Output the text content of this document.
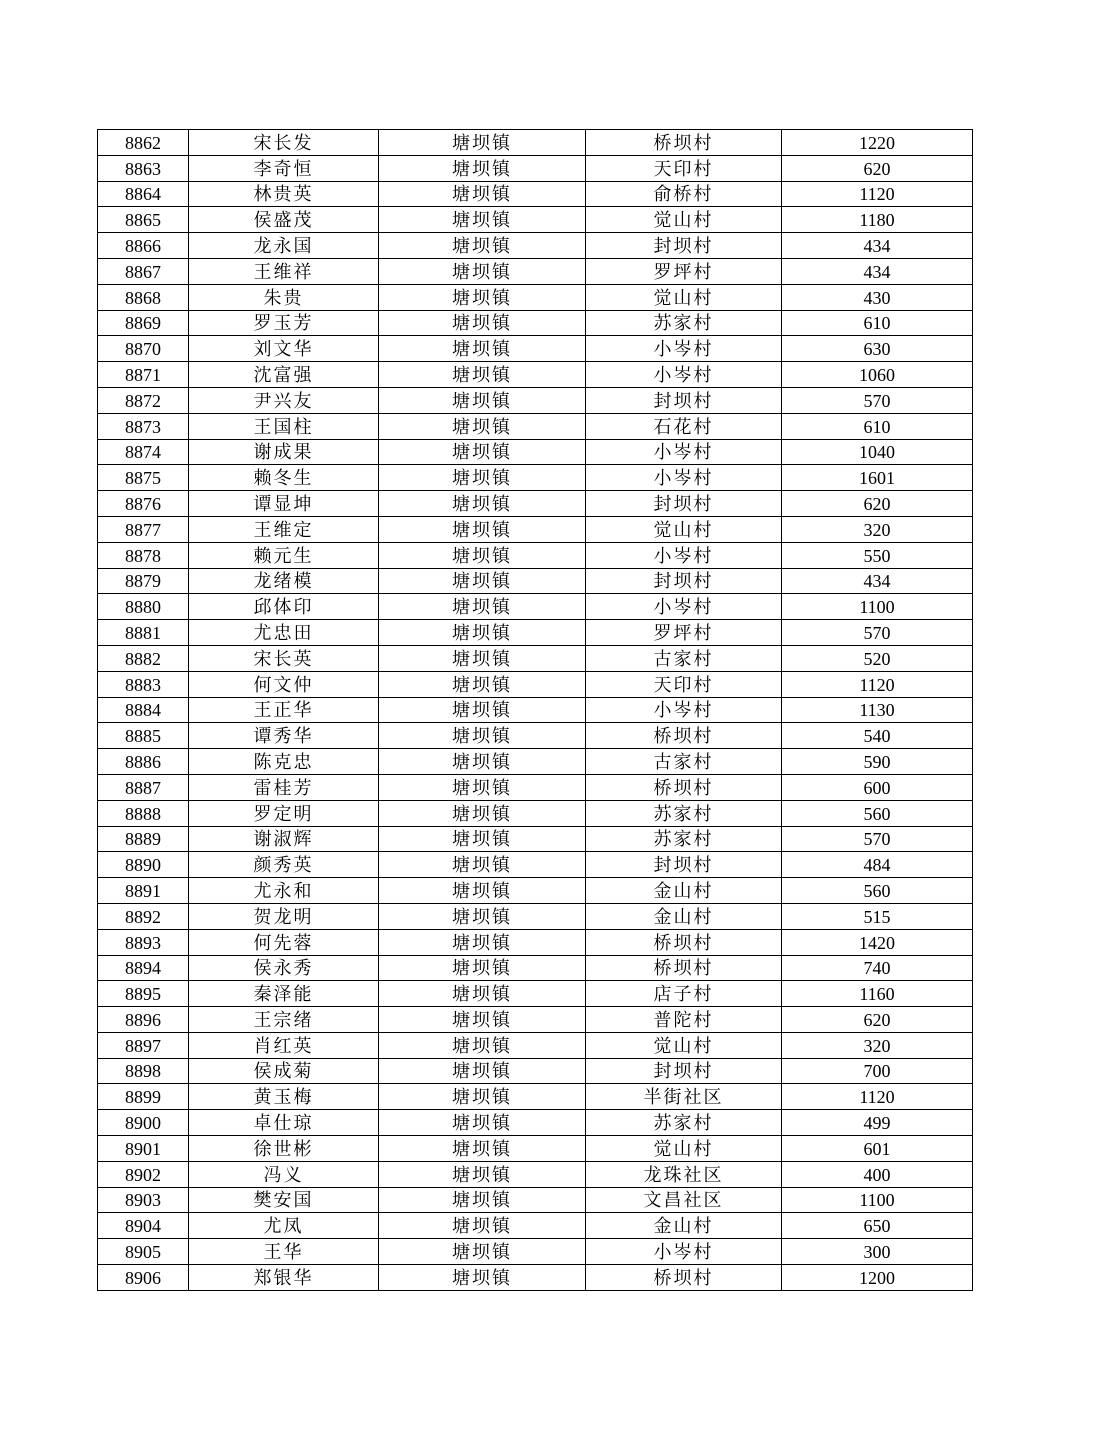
8862	宋长发	塘坝镇	桥坝村	1220
8863	李奇恒	塘坝镇	天印村	620
8864	林贵英	塘坝镇	俞桥村	1120
8865	侯盛茂	塘坝镇	觉山村	1180
8866	龙永国	塘坝镇	封坝村	434
8867	王维祥	塘坝镇	罗坪村	434
8868	朱贵	塘坝镇	觉山村	430
8869	罗玉芳	塘坝镇	苏家村	610
8870	刘文华	塘坝镇	小岑村	630
8871	沈富强	塘坝镇	小岑村	1060
8872	尹兴友	塘坝镇	封坝村	570
8873	王国柱	塘坝镇	石花村	610
8874	谢成果	塘坝镇	小岑村	1040
8875	赖冬生	塘坝镇	小岑村	1601
8876	谭显坤	塘坝镇	封坝村	620
8877	王维定	塘坝镇	觉山村	320
8878	赖元生	塘坝镇	小岑村	550
8879	龙绪模	塘坝镇	封坝村	434
8880	邱体印	塘坝镇	小岑村	1100
8881	尤忠田	塘坝镇	罗坪村	570
8882	宋长英	塘坝镇	古家村	520
8883	何文仲	塘坝镇	天印村	1120
8884	王正华	塘坝镇	小岑村	1130
8885	谭秀华	塘坝镇	桥坝村	540
8886	陈克忠	塘坝镇	古家村	590
8887	雷桂芳	塘坝镇	桥坝村	600
8888	罗定明	塘坝镇	苏家村	560
8889	谢淑辉	塘坝镇	苏家村	570
8890	颜秀英	塘坝镇	封坝村	484
8891	尤永和	塘坝镇	金山村	560
8892	贺龙明	塘坝镇	金山村	515
8893	何先蓉	塘坝镇	桥坝村	1420
8894	侯永秀	塘坝镇	桥坝村	740
8895	秦泽能	塘坝镇	店子村	1160
8896	王宗绪	塘坝镇	普陀村	620
8897	肖红英	塘坝镇	觉山村	320
8898	侯成菊	塘坝镇	封坝村	700
8899	黄玉梅	塘坝镇	半街社区	1120
8900	卓仕琼	塘坝镇	苏家村	499
8901	徐世彬	塘坝镇	觉山村	601
8902	冯义	塘坝镇	龙珠社区	400
8903	樊安国	塘坝镇	文昌社区	1100
8904	尤凤	塘坝镇	金山村	650
8905	王华	塘坝镇	小岑村	300
8906	郑银华	塘坝镇	桥坝村	1200
